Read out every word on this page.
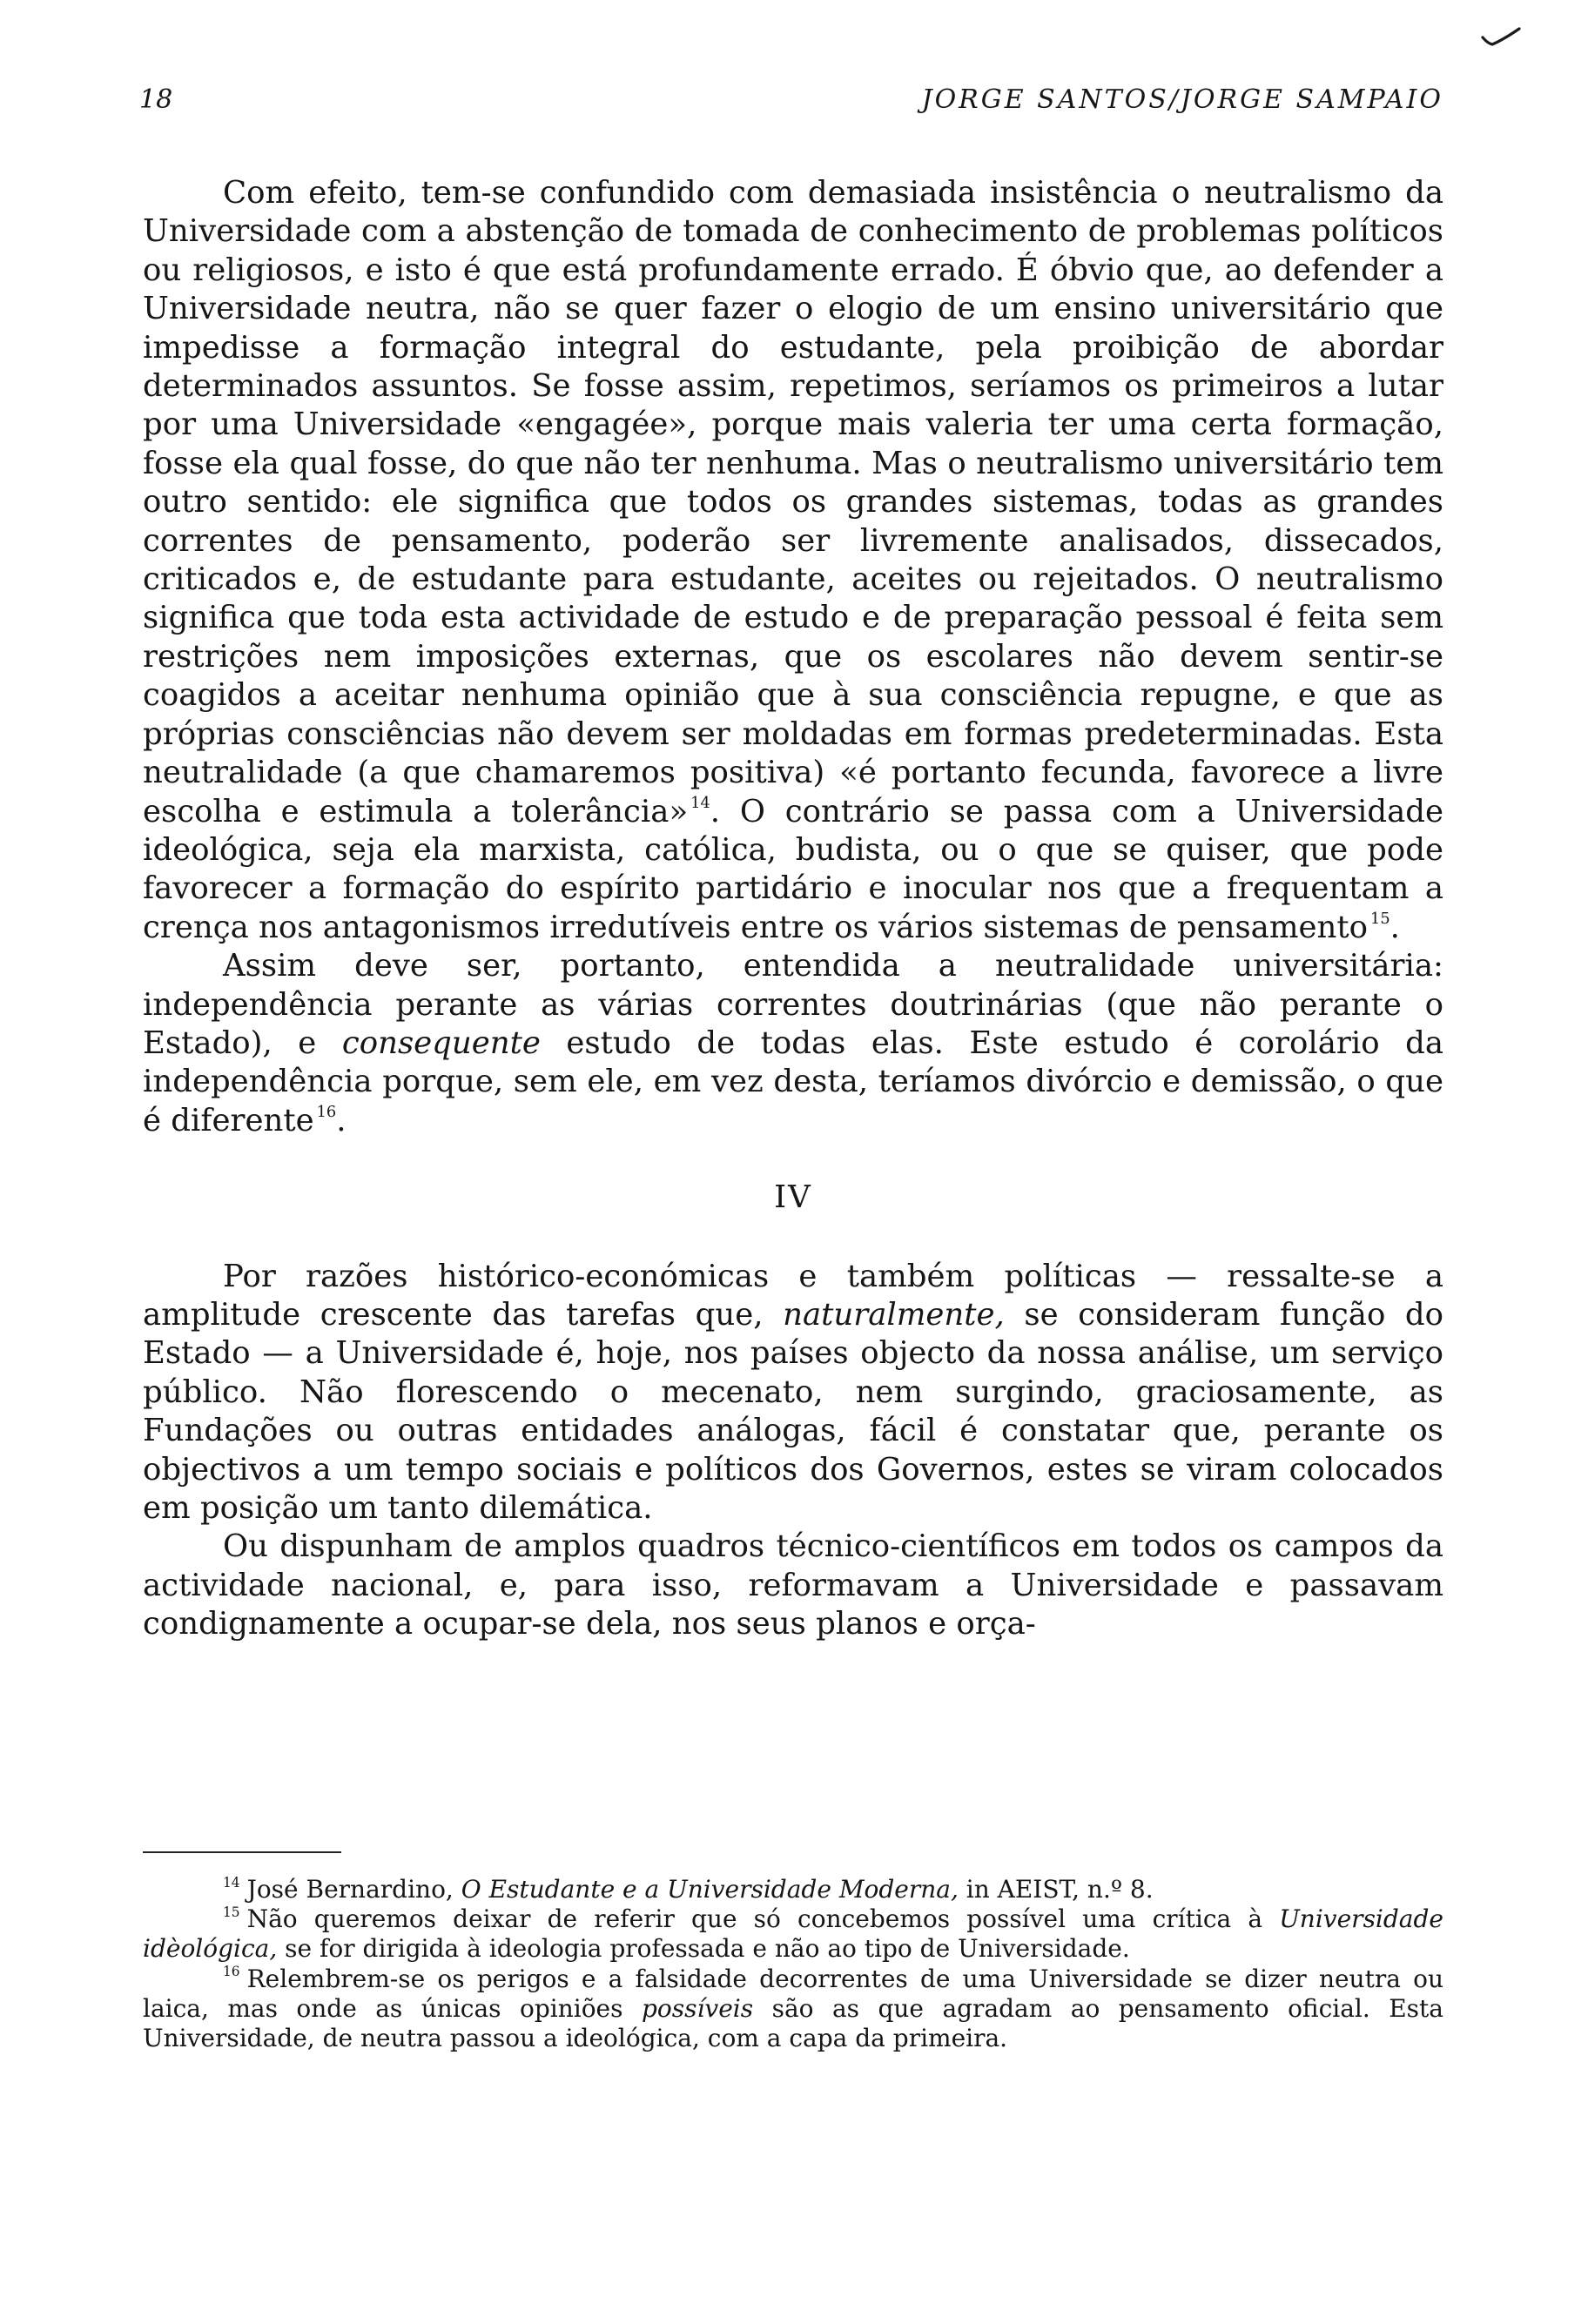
18	JORGE SANTOS/JORGE SAMPAIO

Com efeito, tem-se confundido com demasiada insistência o neutralismo da Universidade com a abstenção de tomada de conhecimento de problemas políticos ou religiosos, e isto é que está profundamente errado. É óbvio que, ao defender a Universidade neutra, não se quer fazer o elogio de um ensino universitário que impedisse a formação integral do estudante, pela proibição de abordar determinados assuntos. Se fosse assim, repetimos, seríamos os primeiros a lutar por uma Universidade «engagée», porque mais valeria ter uma certa formação, fosse ela qual fosse, do que não ter nenhuma. Mas o neutralismo universitário tem outro sentido: ele significa que todos os grandes sistemas, todas as grandes correntes de pensamento, poderão ser livremente analisados, dissecados, criticados e, de estudante para estudante, aceites ou rejeitados. O neutralismo significa que toda esta actividade de estudo e de preparação pessoal é feita sem restrições nem imposições externas, que os escolares não devem sentir-se coagidos a aceitar nenhuma opinião que à sua consciência repugne, e que as próprias consciências não devem ser moldadas em formas predeterminadas. Esta neutralidade (a que chamaremos positiva) «é portanto fecunda, favorece a livre escolha e estimula a tolerância» $^{14}$. O contrário se passa com a Universidade ideológica, seja ela marxista, católica, budista, ou o que se quiser, que pode favorecer a formação do espírito partidário e inocular nos que a frequentam a crença nos antagonismos irredutíveis entre os vários sistemas de pensamento $^{15}$.

Assim deve ser, portanto, entendida a neutralidade universitária: independência perante as várias correntes doutrinárias (que não perante o Estado), e consequente estudo de todas elas. Este estudo é corolário da independência porque, sem ele, em vez desta, teríamos divórcio e demissão, o que é diferente $^{16}$.

IV

Por razões histórico-económicas e também políticas — ressalte-se a amplitude crescente das tarefas que, naturalmente, se consideram função do Estado — a Universidade é, hoje, nos países objecto da nossa análise, um serviço público. Não florescendo o mecenato, nem surgindo, graciosamente, as Fundações ou outras entidades análogas, fácil é constatar que, perante os objectivos a um tempo sociais e políticos dos Governos, estes se viram colocados em posição um tanto dilemática.

Ou dispunham de amplos quadros técnico-científicos em todos os campos da actividade nacional, e, para isso, reformavam a Universidade e passavam condignamente a ocupar-se dela, nos seus planos e orça-

$^{14}$ José Bernardino, O Estudante e a Universidade Moderna, in AEIST, n.º 8.

$^{15}$ Não queremos deixar de referir que só concebemos possível uma crítica à Universidade idèológica, se for dirigida à ideologia professada e não ao tipo de Universidade.

$^{16}$ Relembrem-se os perigos e a falsidade decorrentes de uma Universidade se dizer neutra ou laica, mas onde as únicas opiniões possíveis são as que agradam ao pensamento oficial. Esta Universidade, de neutra passou a ideológica, com a capa da primeira.
